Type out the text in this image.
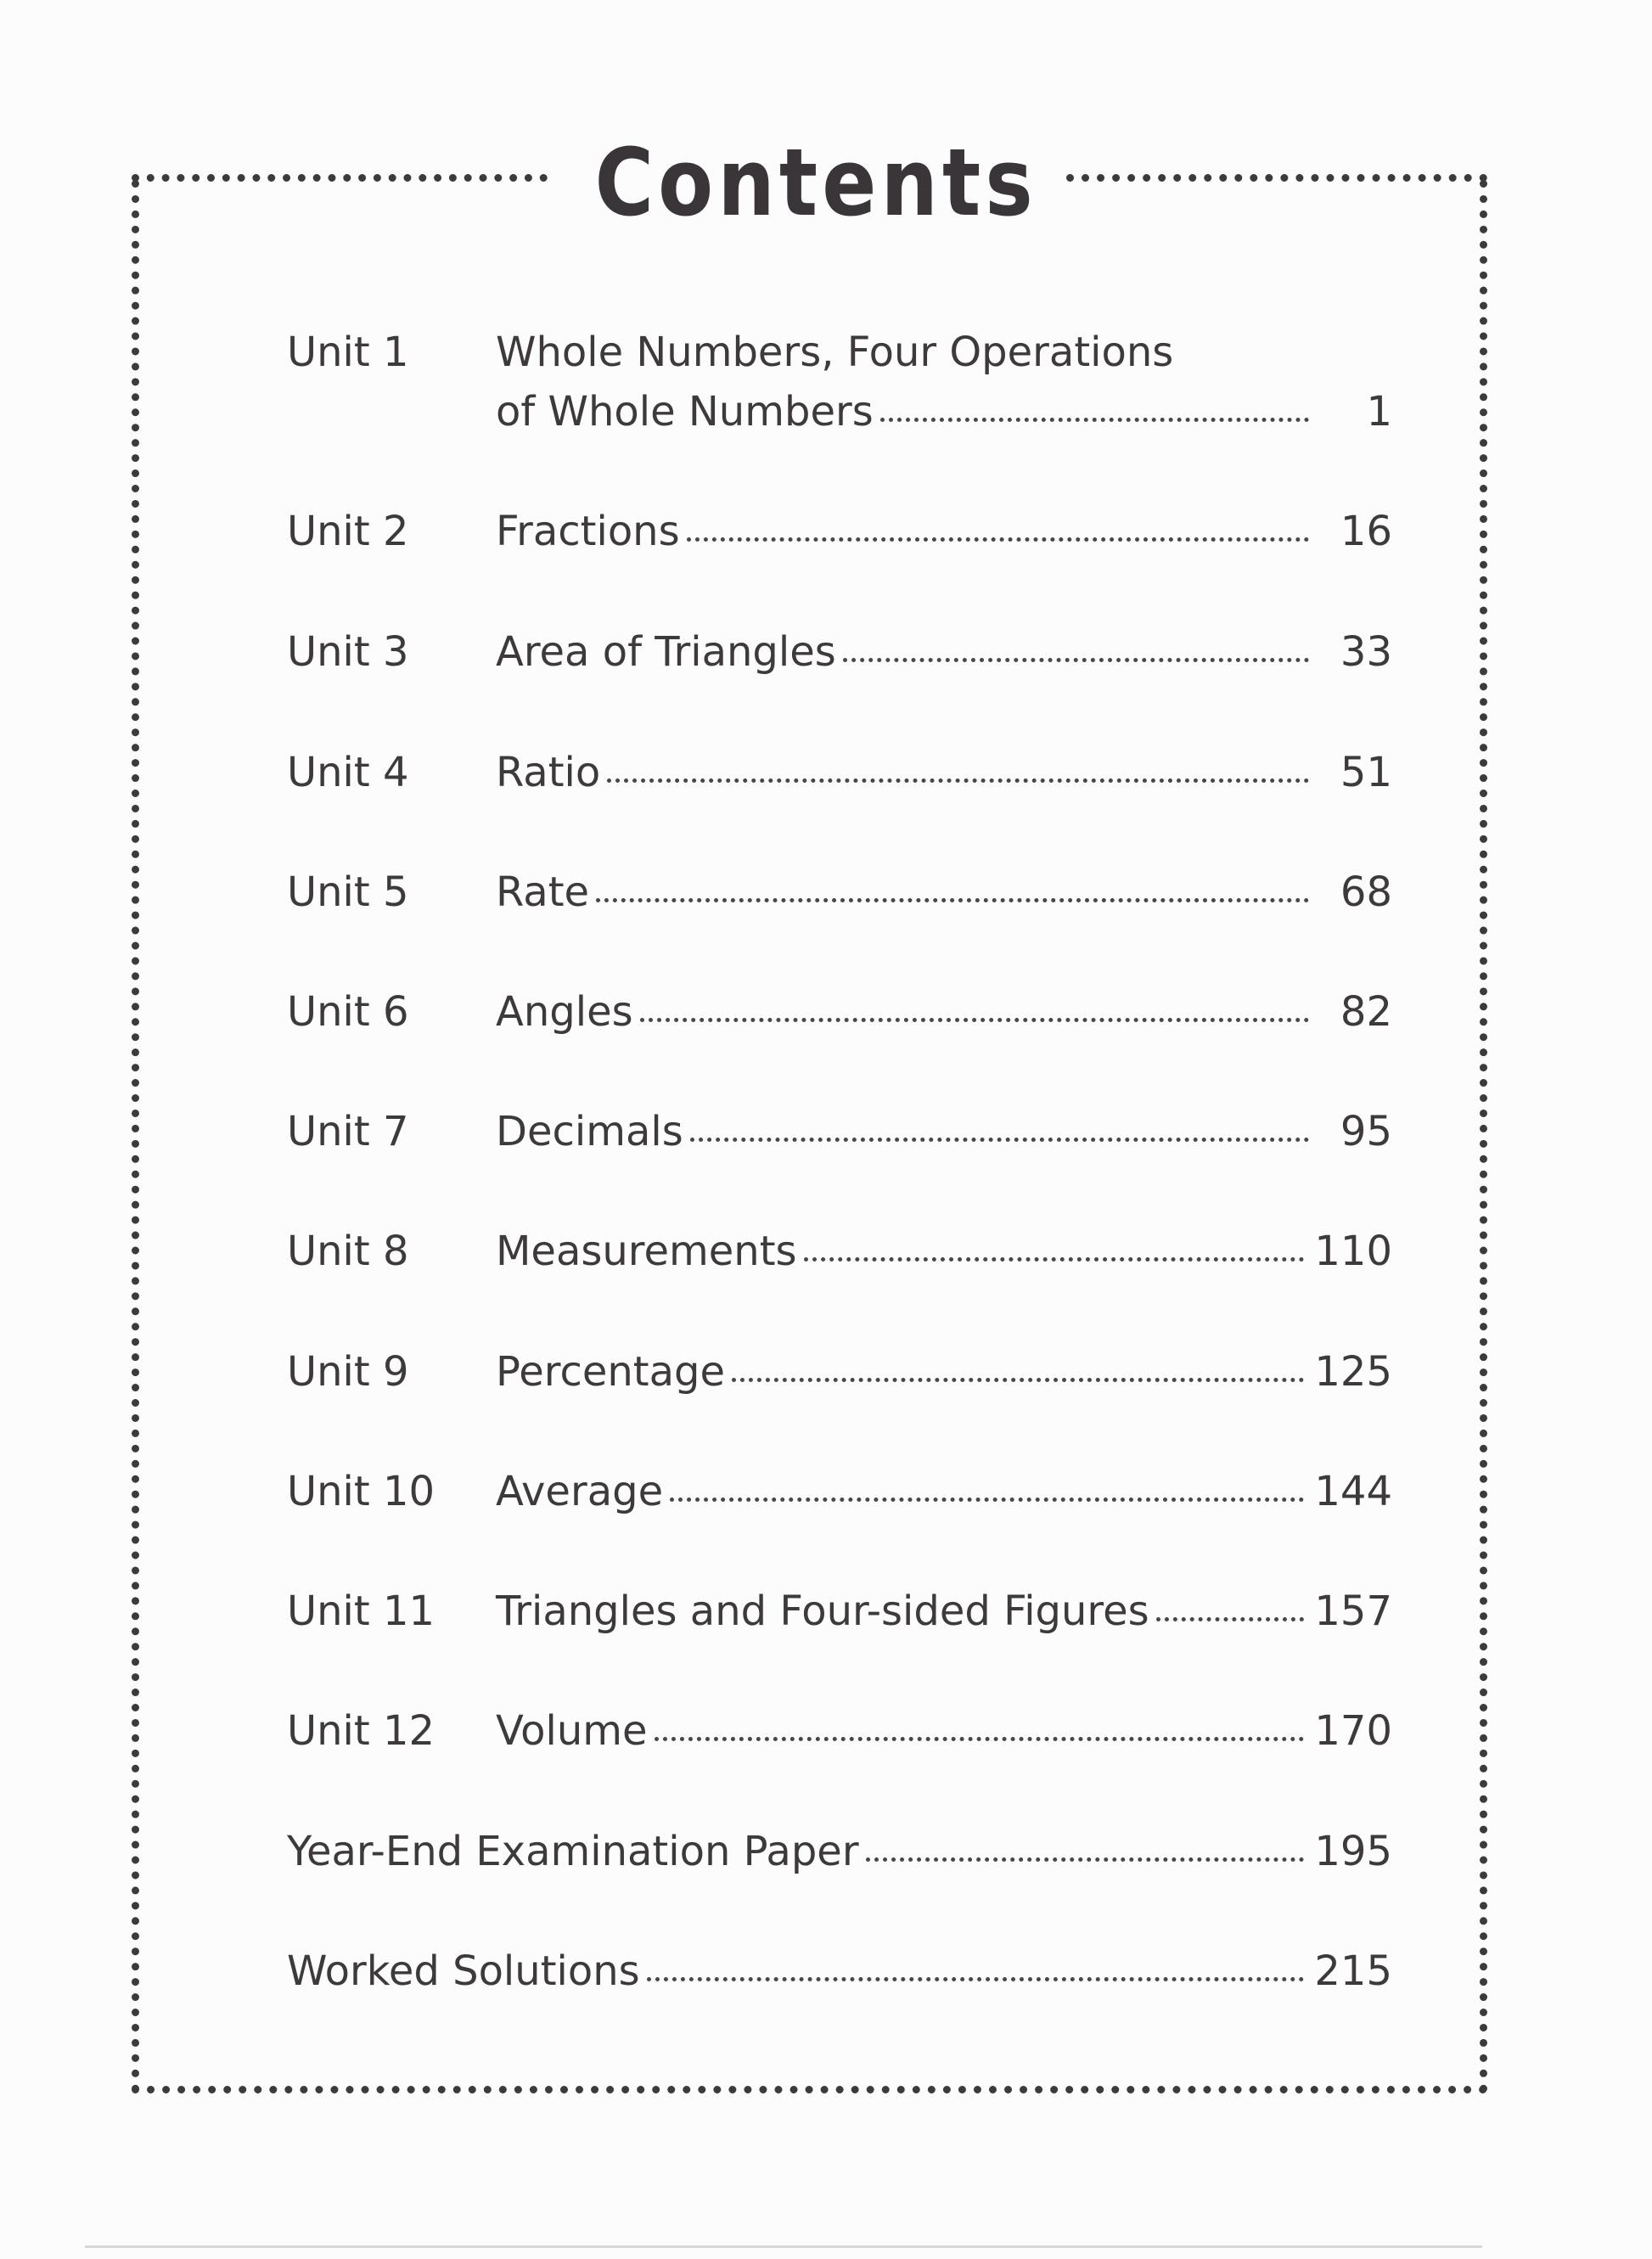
Contents
Unit 1	Whole Numbers, Four Operations
of Whole Numbers	1
Unit 2	Fractions	16
Unit 3	Area of Triangles	33
Unit 4	Ratio	51
Unit 5	Rate	68
Unit 6	Angles	82
Unit 7	Decimals	95
Unit 8	Measurements	110
Unit 9	Percentage	125
Unit 10	Average	144
Unit 11	Triangles and Four-sided Figures	157
Unit 12	Volume	170
Year-End Examination Paper	195
Worked Solutions	215
